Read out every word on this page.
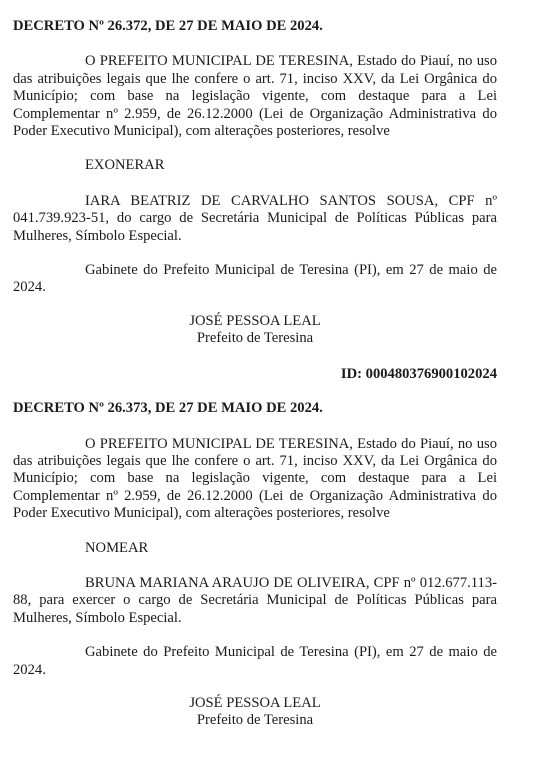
DECRETO Nº 26.372, DE 27 DE MAIO DE 2024.

O PREFEITO MUNICIPAL DE TERESINA, Estado do Piauí, no uso das atribuições legais que lhe confere o art. 71, inciso XXV, da Lei Orgânica do Município; com base na legislação vigente, com destaque para a Lei Complementar nº 2.959, de 26.12.2000 (Lei de Organização Administrativa do Poder Executivo Municipal), com alterações posteriores, resolve

EXONERAR

IARA BEATRIZ DE CARVALHO SANTOS SOUSA, CPF nº 041.739.923-51, do cargo de Secretária Municipal de Políticas Públicas para Mulheres, Símbolo Especial.

Gabinete do Prefeito Municipal de Teresina (PI), em 27 de maio de 2024.

JOSÉ PESSOA LEAL
Prefeito de Teresina
ID: 000480376900102024
DECRETO Nº 26.373, DE 27 DE MAIO DE 2024.

O PREFEITO MUNICIPAL DE TERESINA, Estado do Piauí, no uso das atribuições legais que lhe confere o art. 71, inciso XXV, da Lei Orgânica do Município; com base na legislação vigente, com destaque para a Lei Complementar nº 2.959, de 26.12.2000 (Lei de Organização Administrativa do Poder Executivo Municipal), com alterações posteriores, resolve

NOMEAR

BRUNA MARIANA ARAUJO DE OLIVEIRA, CPF nº 012.677.113-88, para exercer o cargo de Secretária Municipal de Políticas Públicas para Mulheres, Símbolo Especial.

Gabinete do Prefeito Municipal de Teresina (PI), em 27 de maio de 2024.

JOSÉ PESSOA LEAL
Prefeito de Teresina
